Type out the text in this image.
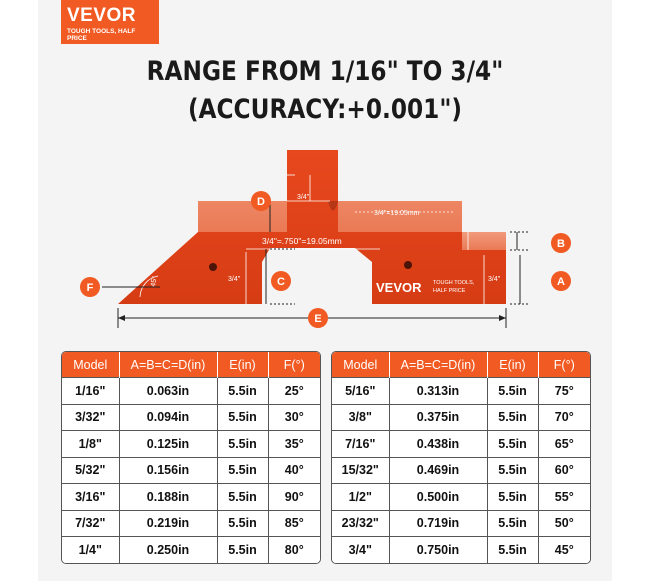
VEVOR
TOUGH TOOLS, HALF PRICE
RANGE FROM 1/16" TO 3/4"
(ACCURACY:+0.001")
3/4"
3/4"=19.05mm
3/4"=.750"=19.05mm
3/4"	3/4"
45°	VEVOR TOUGH TOOLS,
HALF PRICE
D
C
B
A
F
E
Model	A=B=C=D(in)	E(in)	F(°)
1/16"	0.063in	5.5in	25°
3/32"	0.094in	5.5in	30°
1/8"	0.125in	5.5in	35°
5/32"	0.156in	5.5in	40°
3/16"	0.188in	5.5in	90°
7/32"	0.219in	5.5in	85°
1/4"	0.250in	5.5in	80°
Model	A=B=C=D(in)	E(in)	F(°)
5/16"	0.313in	5.5in	75°
3/8"	0.375in	5.5in	70°
7/16"	0.438in	5.5in	65°
15/32"	0.469in	5.5in	60°
1/2"	0.500in	5.5in	55°
23/32"	0.719in	5.5in	50°
3/4"	0.750in	5.5in	45°
